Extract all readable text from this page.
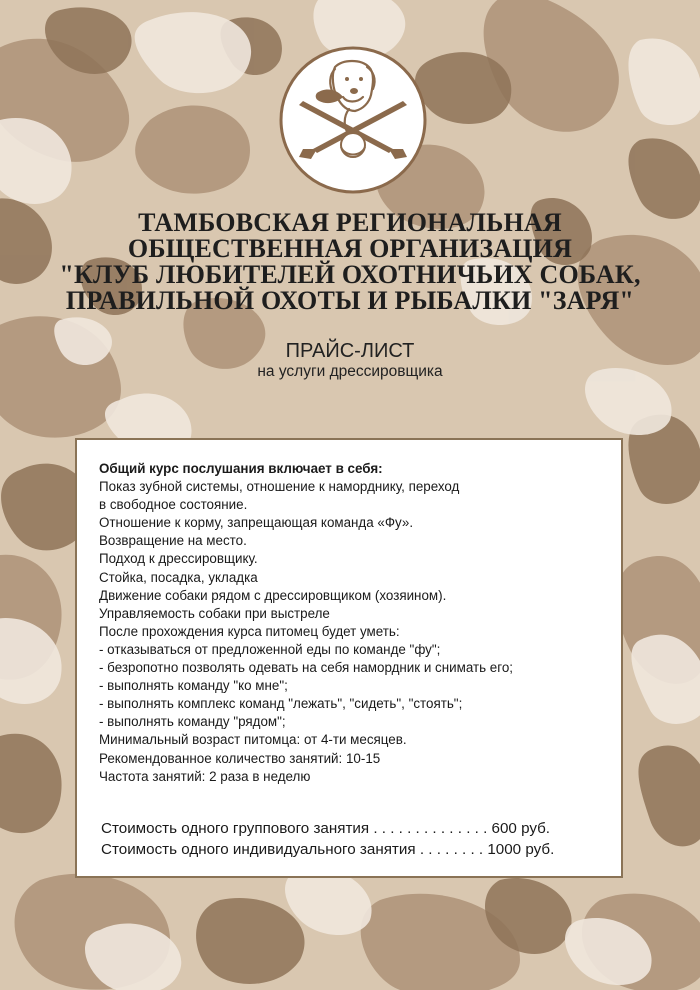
ТАМБОВСКАЯ РЕГИОНАЛЬНАЯ
ОБЩЕСТВЕННАЯ ОРГАНИЗАЦИЯ
"КЛУБ ЛЮБИТЕЛЕЙ ОХОТНИЧЬИХ СОБАК,
ПРАВИЛЬНОЙ ОХОТЫ И РЫБАЛКИ "ЗАРЯ"
ПРАЙС-ЛИСТ
на услуги дрессировщика
Общий курс послушания включает в себя:
Показ зубной системы, отношение к наморднику, переход
в свободное состояние.
Отношение к корму, запрещающая команда «Фу».
Возвращение на место.
Подход к дрессировщику.
Стойка, посадка, укладка
Движение собаки рядом с дрессировщиком (хозяином).
Управляемость собаки при выстреле
После прохождения курса питомец будет уметь:
- отказываться от предложенной еды по команде "фу";
- безропотно позволять одевать на себя намордник и снимать его;
- выполнять команду "ко мне";
- выполнять комплекс команд "лежать", "сидеть", "стоять";
- выполнять команду "рядом";
Минимальный возраст питомца: от 4-ти месяцев.
Рекомендованное количество занятий: 10-15
Частота занятий: 2 раза в неделю
Стоимость одного группового занятия . . . . . . . . . . . . . . 600 руб.
Стоимость одного индивидуального занятия . . . . . . . . 1000 руб.
